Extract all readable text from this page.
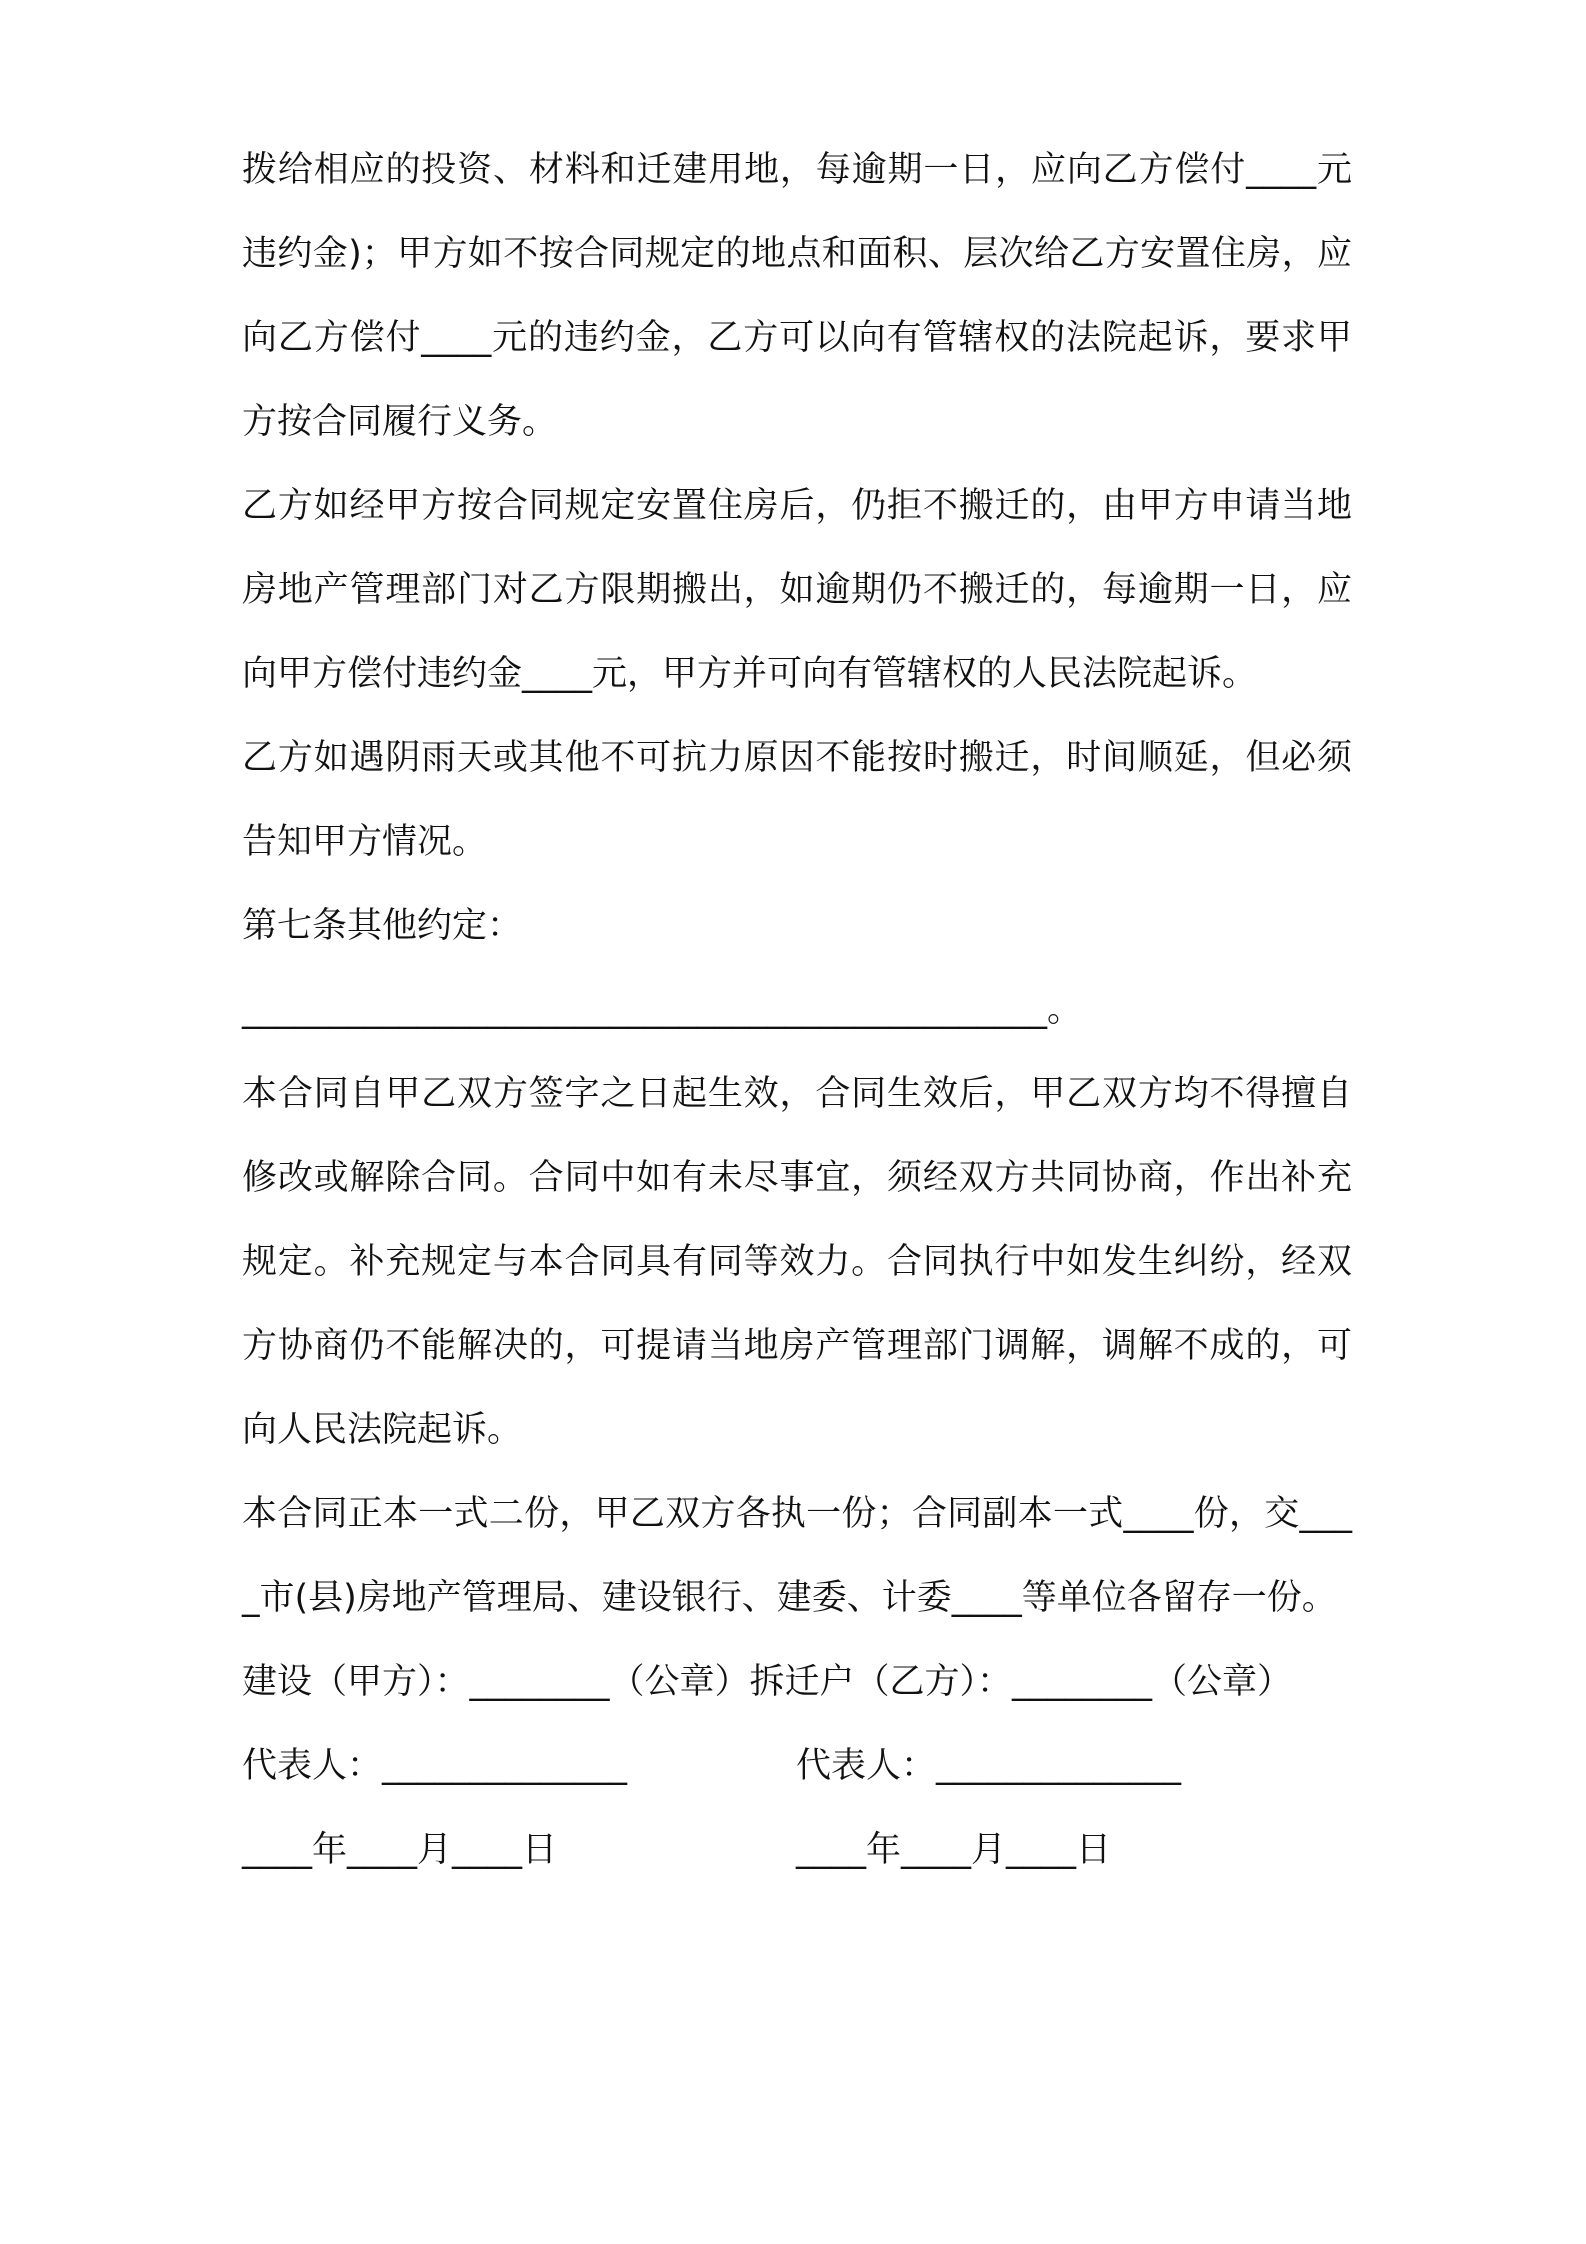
拨给相应的投资、材料和迁建用地，每逾期一日，应向乙方偿付____元违约金)；甲方如不按合同规定的地点和面积、层次给乙方安置住房，应向乙方偿付____元的违约金，乙方可以向有管辖权的法院起诉，要求甲方按合同履行义务。

乙方如经甲方按合同规定安置住房后，仍拒不搬迁的，由甲方申请当地房地产管理部门对乙方限期搬出，如逾期仍不搬迁的，每逾期一日，应向甲方偿付违约金____元，甲方并可向有管辖权的人民法院起诉。

乙方如遇阴雨天或其他不可抗力原因不能按时搬迁，时间顺延，但必须告知甲方情况。

第七条其他约定：

______________________________________________。

本合同自甲乙双方签字之日起生效，合同生效后，甲乙双方均不得擅自修改或解除合同。合同中如有未尽事宜，须经双方共同协商，作出补充规定。补充规定与本合同具有同等效力。合同执行中如发生纠纷，经双方协商仍不能解决的，可提请当地房产管理部门调解，调解不成的，可向人民法院起诉。

本合同正本一式二份，甲乙双方各执一份；合同副本一式____份，交____市(县)房地产管理局、建设银行、建委、计委____等单位各留存一份。

建设（甲方）：________（公章）拆迁户（乙方）：________（公章）

代表人：______________

	代表人：______________

____年____月____日

	____年____月____日
